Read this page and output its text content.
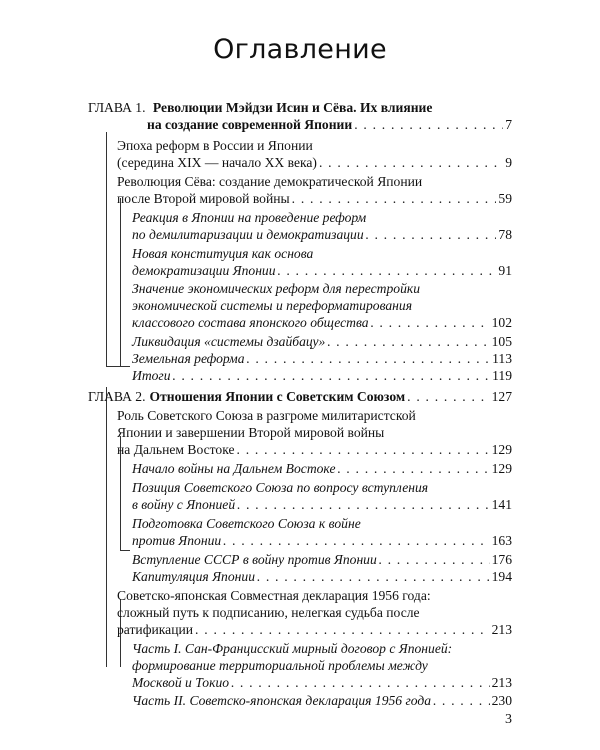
Оглавление
ГЛАВА 1. Революции Мэйдзи Исин и Сёва. Их влияние
на создание современной Японии . . .	7
Эпоха реформ в России и Японии
(середина XIX — начало XX века) . . .	9
Революция Сёва: создание демократической Японии
после Второй мировой войны . . .	59
Реакция в Японии на проведение реформ
по демилитаризации и демократизации . . .	78
Новая конституция как основа
демократизации Японии . . .	91
Значение экономических реформ для перестройки
экономической системы и переформатирования
классового состава японского общества . . .	102
Ликвидация «системы дзайбацу» . . .	105
Земельная реформа . . .	113
Итоги . . .	119
ГЛАВА 2. Отношения Японии с Советским Союзом . . .	127
Роль Советского Союза в разгроме милитаристской
Японии и завершении Второй мировой войны
на Дальнем Востоке . . .	129
Начало войны на Дальнем Востоке . . .	129
Позиция Советского Союза по вопросу вступления
в войну с Японией . . .	141
Подготовка Советского Союза к войне
против Японии . . .	163
Вступление СССР в войну против Японии . . .	176
Капитуляция Японии . . .	194
Советско-японская Совместная декларация 1956 года:
сложный путь к подписанию, нелегкая судьба после
ратификации . . .	213
Часть I. Сан-Францисский мирный договор с Японией:
формирование территориальной проблемы между
Москвой и Токио . . .	213
Часть II. Советско-японская декларация 1956 года . . .	230
3
